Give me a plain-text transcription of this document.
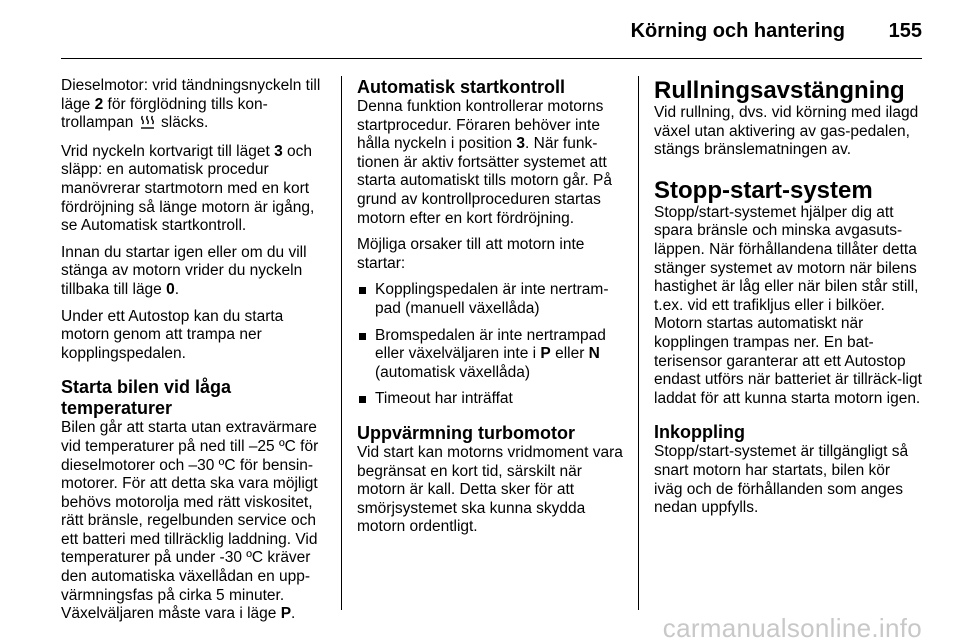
Körning och hantering 155

Dieselmotor: vrid tändningsnyckeln till läge 2 för förglödning tills kon-trollampan  släcks.

Vrid nyckeln kortvarigt till läget 3 och släpp: en automatisk procedur manövrerar startmotorn med en kort fördröjning så länge motorn är igång, se Automatisk startkontroll.

Innan du startar igen eller om du vill stänga av motorn vrider du nyckeln tillbaka till läge 0.

Under ett Autostop kan du starta motorn genom att trampa ner kopplingspedalen.

Starta bilen vid låga
temperaturer

Bilen går att starta utan extravärmare vid temperaturer på ned till –25 ºC för dieselmotorer och –30 ºC för bensin-motorer. För att detta ska vara möjligt behövs motorolja med rätt viskositet, rätt bränsle, regelbunden service och ett batteri med tillräcklig laddning. Vid temperaturer på under -30 ºC kräver den automatiska växellådan en upp-värmningsfas på cirka 5 minuter. Växelväljaren måste vara i läge P.

Automatisk startkontroll

Denna funktion kontrollerar motorns startprocedur. Föraren behöver inte hålla nyckeln i position 3. När funk-tionen är aktiv fortsätter systemet att starta automatiskt tills motorn går. På grund av kontrollproceduren startas motorn efter en kort fördröjning.

Möjliga orsaker till att motorn inte startar:

Kopplingspedalen är inte nertram-pad (manuell växellåda)
Bromspedalen är inte nertrampad eller växelväljaren inte i P eller N (automatisk växellåda)
Timeout har inträffat
Uppvärmning turbomotor

Vid start kan motorns vridmoment vara begränsat en kort tid, särskilt när motorn är kall. Detta sker för att smörjsystemet ska kunna skydda motorn ordentligt.

Rullningsavstängning

Vid rullning, dvs. vid körning med ilagd växel utan aktivering av gas-pedalen, stängs bränslematningen av.

Stopp-start-system

Stopp/start-systemet hjälper dig att spara bränsle och minska avgasuts-läppen. När förhållandena tillåter detta stänger systemet av motorn när bilens hastighet är låg eller när bilen står still, t.ex. vid ett trafikljus eller i bilköer. Motorn startas automatiskt när kopplingen trampas ner. En bat-terisensor garanterar att ett Autostop endast utförs när batteriet är tillräck-ligt laddat för att kunna starta motorn igen.

Inkoppling

Stopp/start-systemet är tillgängligt så snart motorn har startats, bilen kör iväg och de förhållanden som anges nedan uppfylls.

carmanualsonline.info
